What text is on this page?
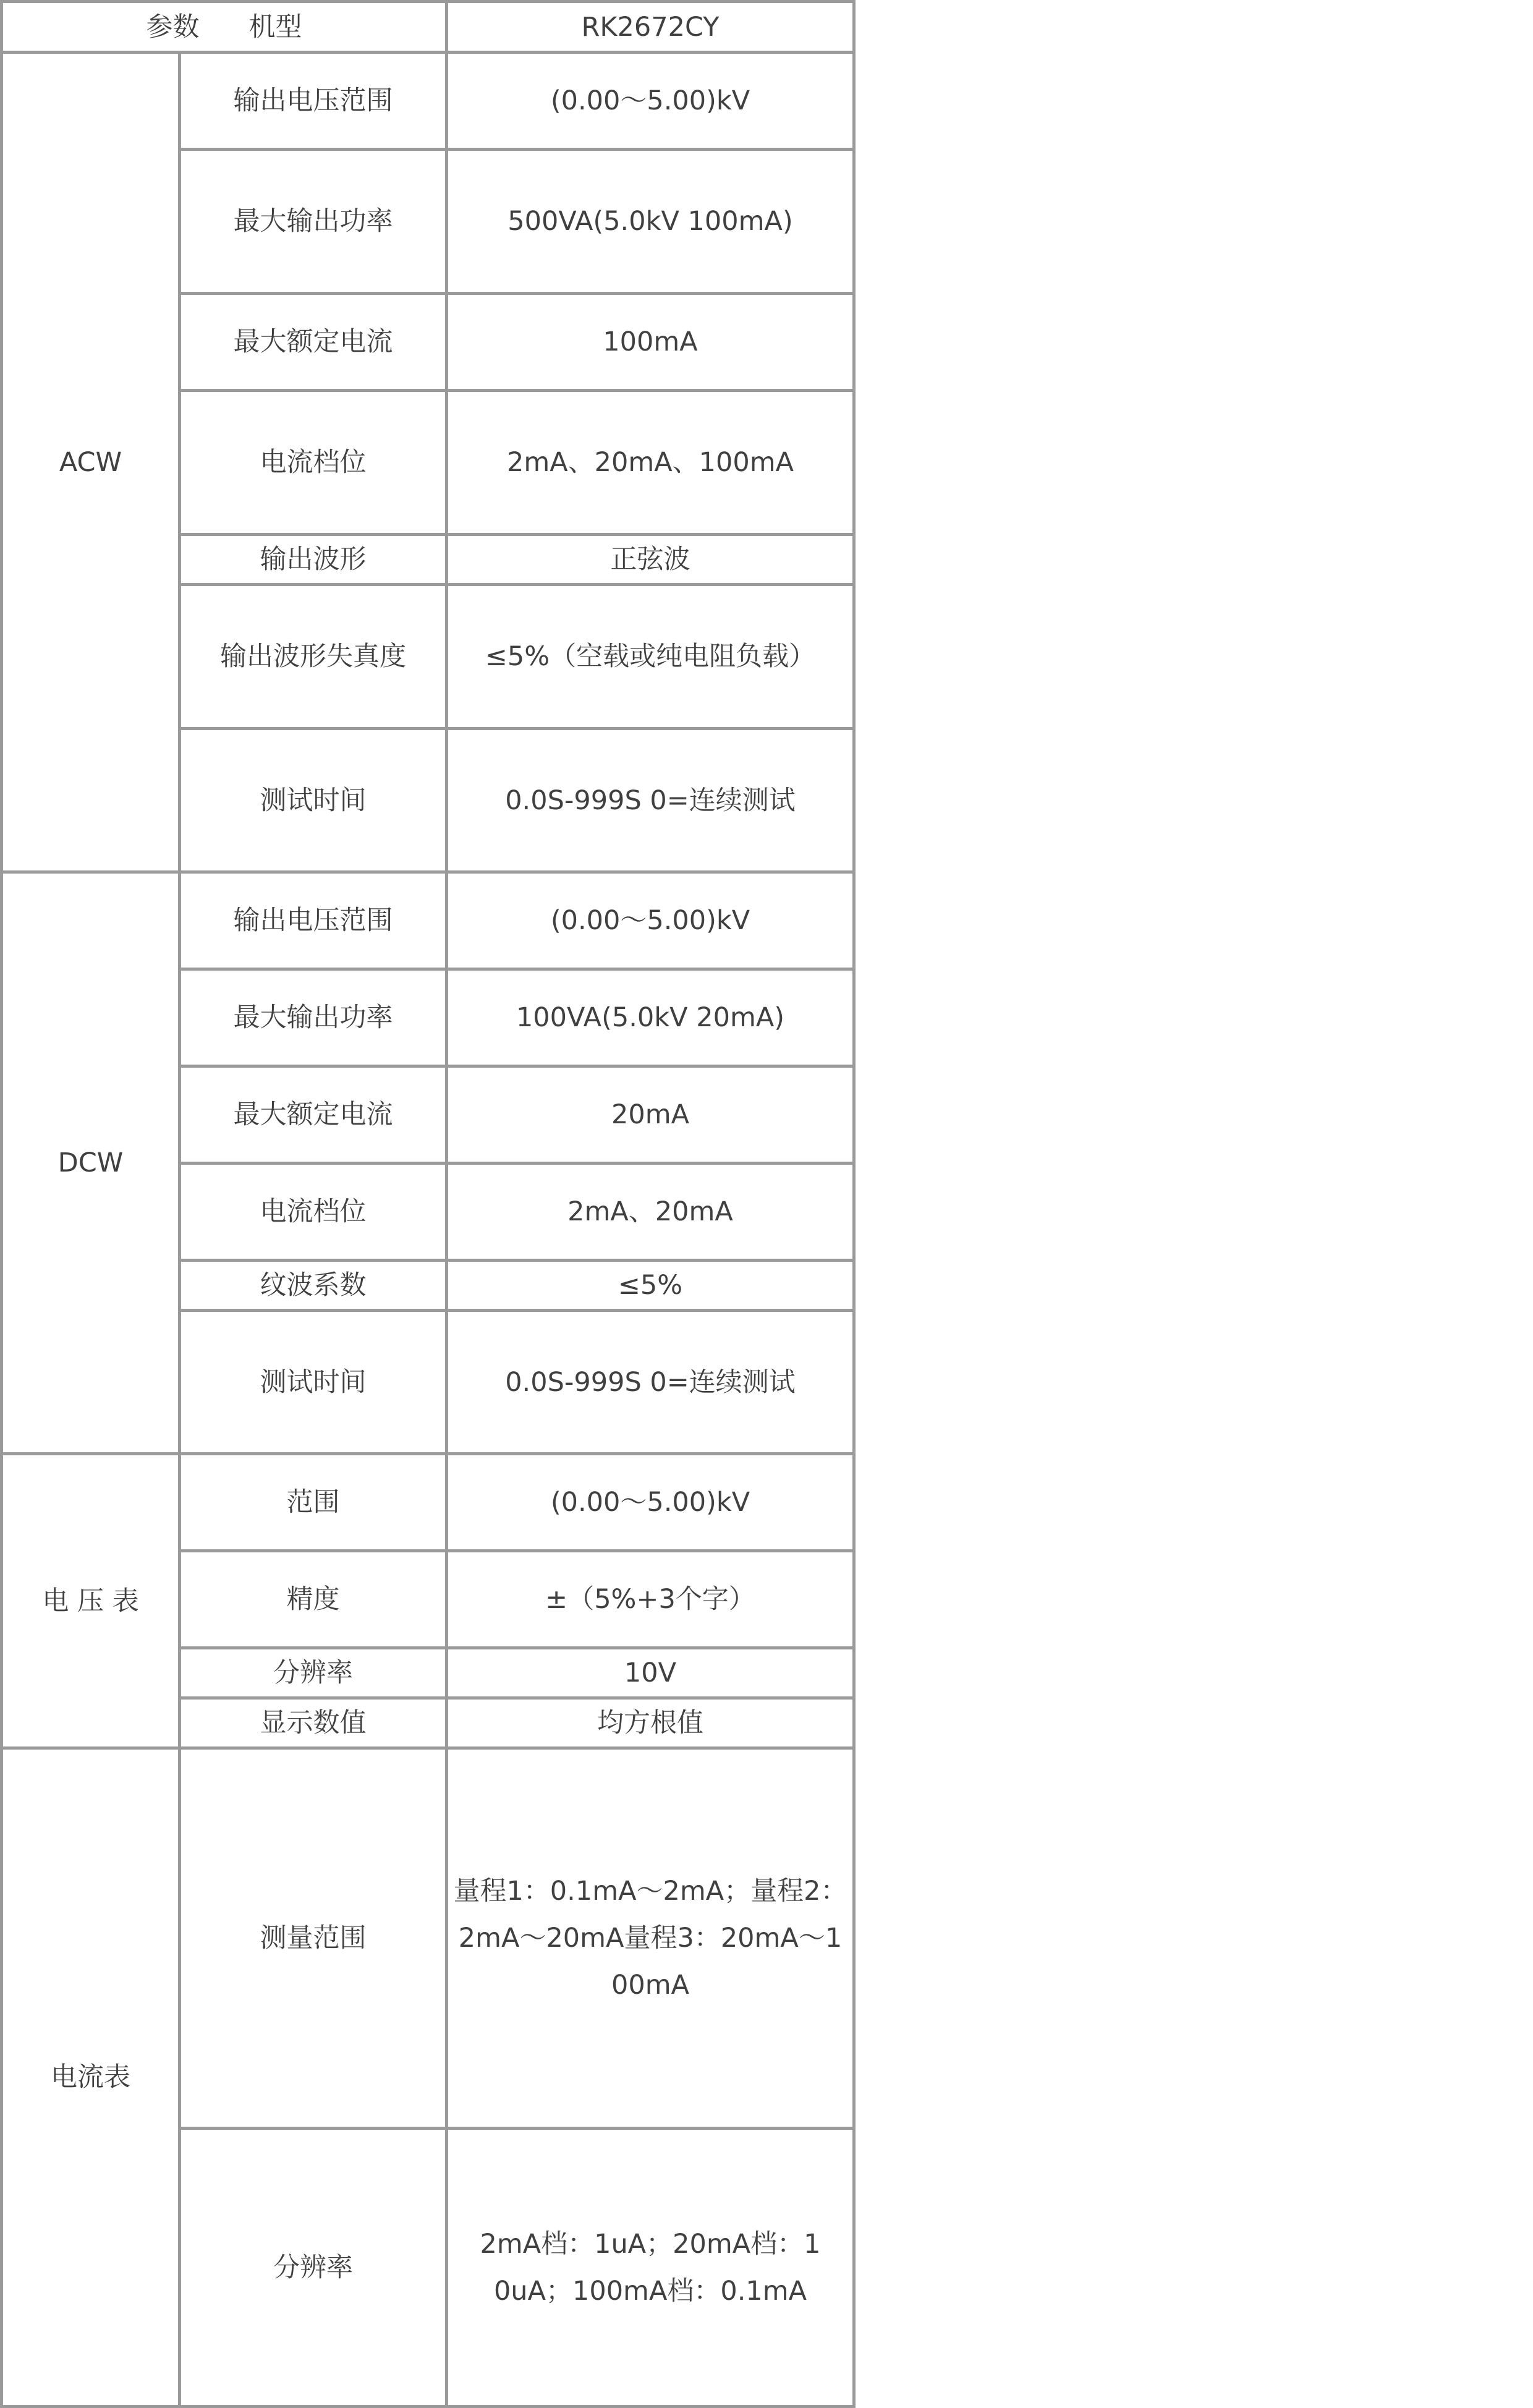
参数 机型		RK2672CY
ACW	输出电压范围	(0.00～5.00)kV
	最大输出功率	500VA(5.0kV 100mA)
	最大额定电流	100mA
	电流档位	2mA、20mA、100mA
	输出波形	正弦波
	输出波形失真度	≤5%（空载或纯电阻负载）
	测试时间	0.0S-999S 0=连续测试
DCW	输出电压范围	(0.00～5.00)kV
	最大输出功率	100VA(5.0kV 20mA)
	最大额定电流	20mA
	电流档位	2mA、20mA
	纹波系数	≤5%
	测试时间	0.0S-999S 0=连续测试
电 压 表	范围	(0.00～5.00)kV
	精度	±（5%+3个字）
	分辨率	10V
	显示数值	均方根值
电流表	测量范围	量程1：0.1mA～2mA；量程2：2mA～20mA量程3：20mA～100mA
	分辨率	2mA档：1uA；20mA档：10uA；100mA档：0.1mA
